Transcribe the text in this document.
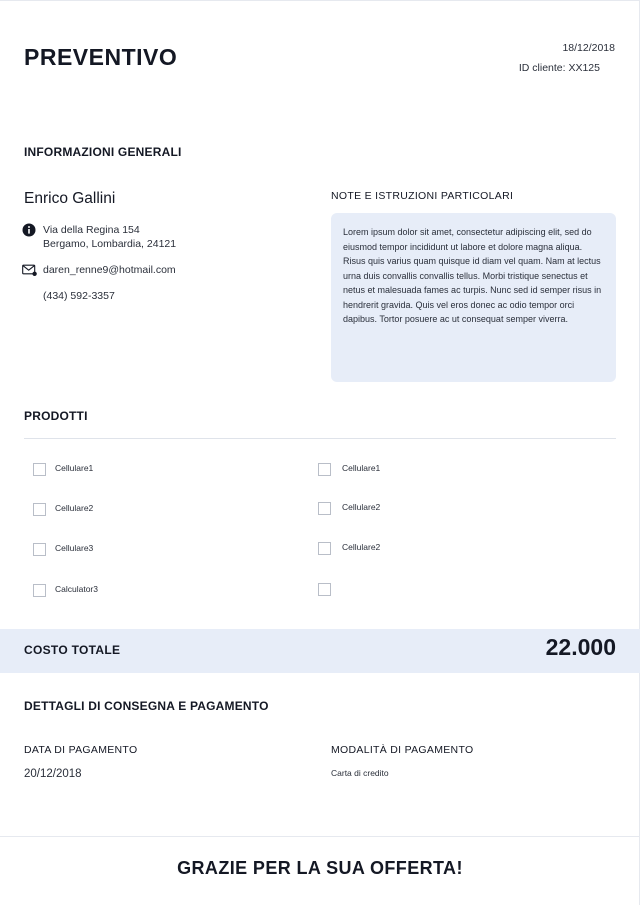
PREVENTIVO	18/12/2018
ID cliente: XX125
INFORMAZIONI GENERALI
Enrico Gallini
Via della Regina 154
Bergamo, Lombardia, 24121
daren_renne9@hotmail.com
(434) 592-3357
NOTE E ISTRUZIONI PARTICOLARI
Lorem ipsum dolor sit amet, consectetur adipiscing elit, sed do eiusmod tempor incididunt ut labore et dolore magna aliqua. Risus quis varius quam quisque id diam vel quam. Nam at lectus urna duis convallis convallis tellus. Morbi tristique senectus et netus et malesuada fames ac turpis. Nunc sed id semper risus in hendrerit gravida. Quis vel eros donec ac odio tempor orci dapibus. Tortor posuere ac ut consequat semper viverra.
PRODOTTI
Cellulare1
Cellulare2
Cellulare3
Calculator3
Cellulare1
Cellulare2
Cellulare2
COSTO TOTALE	22.000
DETTAGLI DI CONSEGNA E PAGAMENTO
DATA DI PAGAMENTO
20/12/2018
MODALITÀ DI PAGAMENTO
Carta di credito
GRAZIE PER LA SUA OFFERTA!
